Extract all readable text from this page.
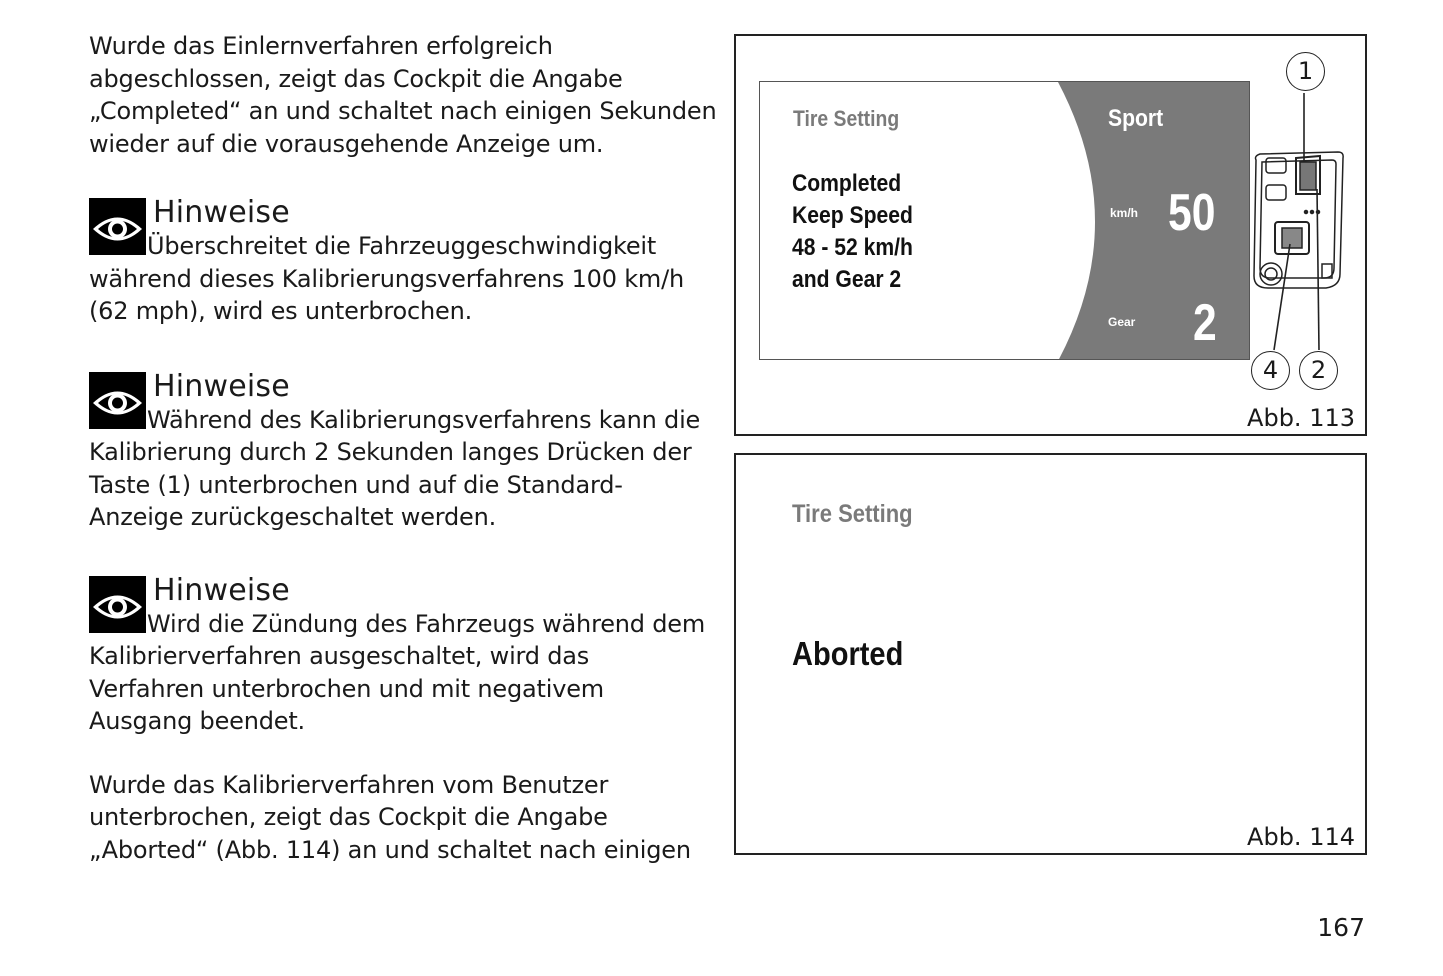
Wurde das Einlernverfahren erfolgreich
abgeschlossen, zeigt das Cockpit die Angabe
„Completed“ an und schaltet nach einigen Sekunden
wieder auf die vorausgehende Anzeige um.

Hinweise
Überschreitet die Fahrzeuggeschwindigkeit
während dieses Kalibrierungsverfahrens 100 km/h
(62 mph), wird es unterbrochen.
Hinweise
Während des Kalibrierungsverfahrens kann die
Kalibrierung durch 2 Sekunden langes Drücken der
Taste (1) unterbrochen und auf die Standard-
Anzeige zurückgeschaltet werden.
Hinweise
Wird die Zündung des Fahrzeugs während dem
Kalibrierverfahren ausgeschaltet, wird das
Verfahren unterbrochen und mit negativem
Ausgang beendet.

Wurde das Kalibrierverfahren vom Benutzer
unterbrochen, zeigt das Cockpit die Angabe
„Aborted“ (Abb. 114) an und schaltet nach einigen

Tire Setting
Completed
Keep Speed
48 - 52 km/h
and Gear 2
Sport
km/h 50
Gear 2
1
4	2
Abb. 113
Tire Setting
Aborted
Abb. 114
167
